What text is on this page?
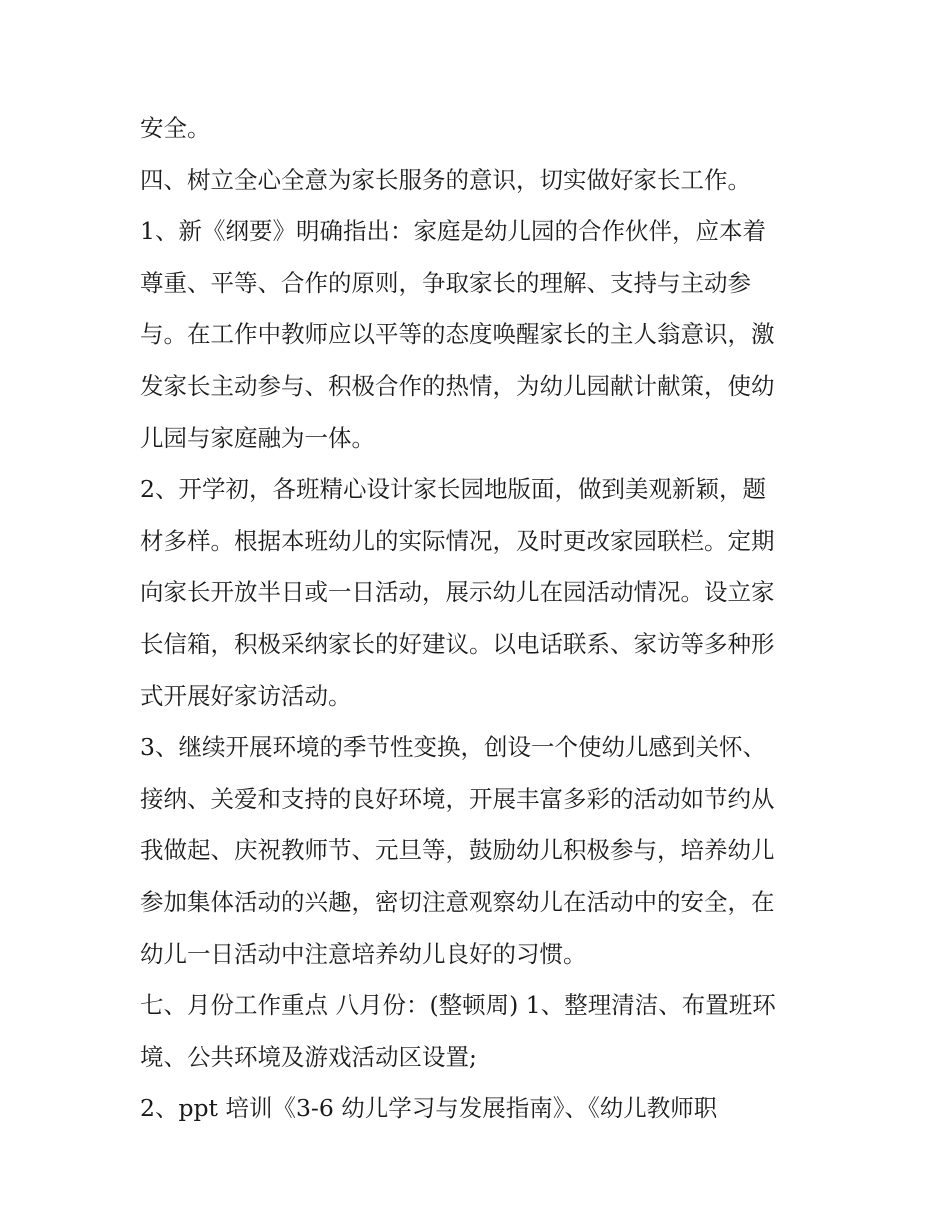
安全。
四、树立全心全意为家长服务的意识，切实做好家长工作。
1、新《纲要》明确指出：家庭是幼儿园的合作伙伴，应本着
尊重、平等、合作的原则，争取家长的理解、支持与主动参
与。在工作中教师应以平等的态度唤醒家长的主人翁意识，激
发家长主动参与、积极合作的热情，为幼儿园献计献策，使幼
儿园与家庭融为一体。
2、开学初，各班精心设计家长园地版面，做到美观新颖，题
材多样。根据本班幼儿的实际情况，及时更改家园联栏。定期
向家长开放半日或一日活动，展示幼儿在园活动情况。设立家
长信箱，积极采纳家长的好建议。以电话联系、家访等多种形
式开展好家访活动。
3、继续开展环境的季节性变换，创设一个使幼儿感到关怀、
接纳、关爱和支持的良好环境，开展丰富多彩的活动如节约从
我做起、庆祝教师节、元旦等，鼓励幼儿积极参与，培养幼儿
参加集体活动的兴趣，密切注意观察幼儿在活动中的安全，在
幼儿一日活动中注意培养幼儿良好的习惯。
七、月份工作重点 八月份：(整顿周) 1、整理清洁、布置班环
境、公共环境及游戏活动区设置;
2、ppt 培训《3-6 幼儿学习与发展指南》、《幼儿教师职
